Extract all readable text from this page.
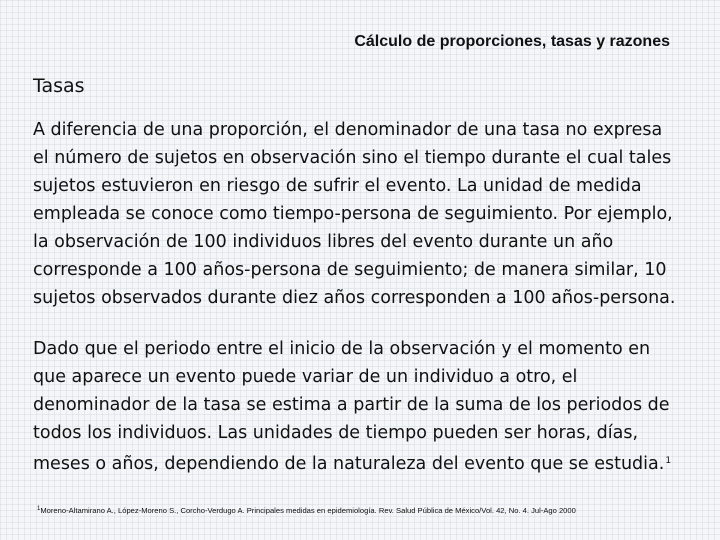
Cálculo de proporciones, tasas y razones
Tasas
A diferencia de una proporción, el denominador de una tasa no expresa
el número de sujetos en observación sino el tiempo durante el cual tales
sujetos estuvieron en riesgo de sufrir el evento. La unidad de medida
empleada se conoce como tiempo-persona de seguimiento. Por ejemplo,
la observación de 100 individuos libres del evento durante un año
corresponde a 100 años-persona de seguimiento; de manera similar, 10
sujetos observados durante diez años corresponden a 100 años-persona.
Dado que el periodo entre el inicio de la observación y el momento en
que aparece un evento puede variar de un individuo a otro, el
denominador de la tasa se estima a partir de la suma de los periodos de
todos los individuos. Las unidades de tiempo pueden ser horas, días,
meses o años, dependiendo de la naturaleza del evento que se estudia.$^1$
$^1$Moreno-Altamirano A., López-Moreno S., Corcho-Verdugo A. Principales medidas en epidemiología. Rev. Salud Pública de México/Vol. 42, No. 4. Jul-Ago 2000
